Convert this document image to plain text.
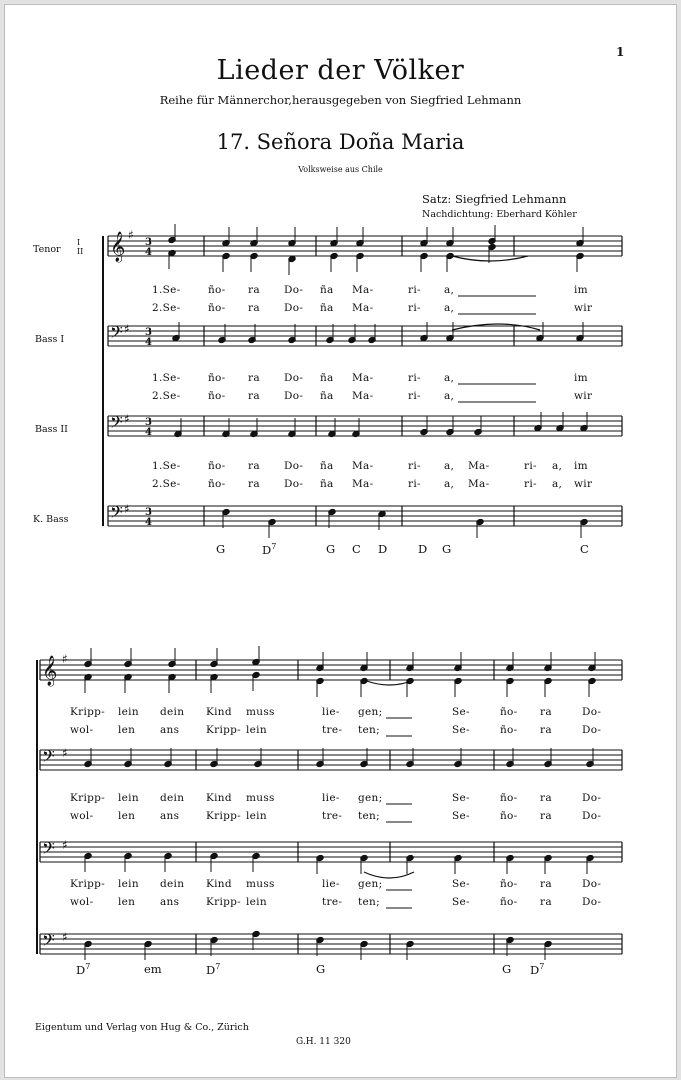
𝄞 ♯
3
4
𝄢 ♯ 3
4
𝄢 ♯ 3
4
𝄢 ♯ 3
4
𝄞 ♯
𝄢 ♯
𝄢 ♯
𝄢 ♯
1
Lieder der Völker
Reihe für Männerchor,herausgegeben von Siegfried Lehmann
17. Señora Doña Maria
Volksweise aus Chile
Satz: Siegfried Lehmann
Nachdichtung: Eberhard Köhler
Tenor
I
II
Bass I
Bass II
K. Bass
1.Se-	ño- ra Do- ña Ma-	ri- a,	im
2.Se-	ño- ra Do- ña Ma-	ri- a,	wir
1.Se-	ño- ra Do- ña Ma-	ri- a,	im
2.Se-	ño- ra Do- ña Ma-	ri- a,	wir
1.Se-	ño- ra Do- ña Ma-	ri- a, Ma-	ri- a, im
2.Se-	ño- ra Do- ña Ma-	ri- a, Ma-	ri- a, wir
Kripp- lein dein Kind muss	lie- gen;	Se-	ño- ra	Do-
wol- len ans	Kripp- lein	tre- ten;	Se-	ño- ra	Do-
Kripp- lein dein Kind muss	lie- gen;	Se-	ño- ra	Do-
wol- len ans	Kripp- lein	tre- ten;	Se-	ño- ra	Do-
Kripp- lein dein Kind muss	lie- gen;	Se-	ño- ra	Do-
wol- len ans	Kripp- lein	tre- ten;	Se-	ño- ra	Do-
G	$D^7$	G C D	D G	C
$D^7$	em	$D^7$	G	G $D^7$
Eigentum und Verlag von Hug & Co., Zürich
G.H. 11 320
